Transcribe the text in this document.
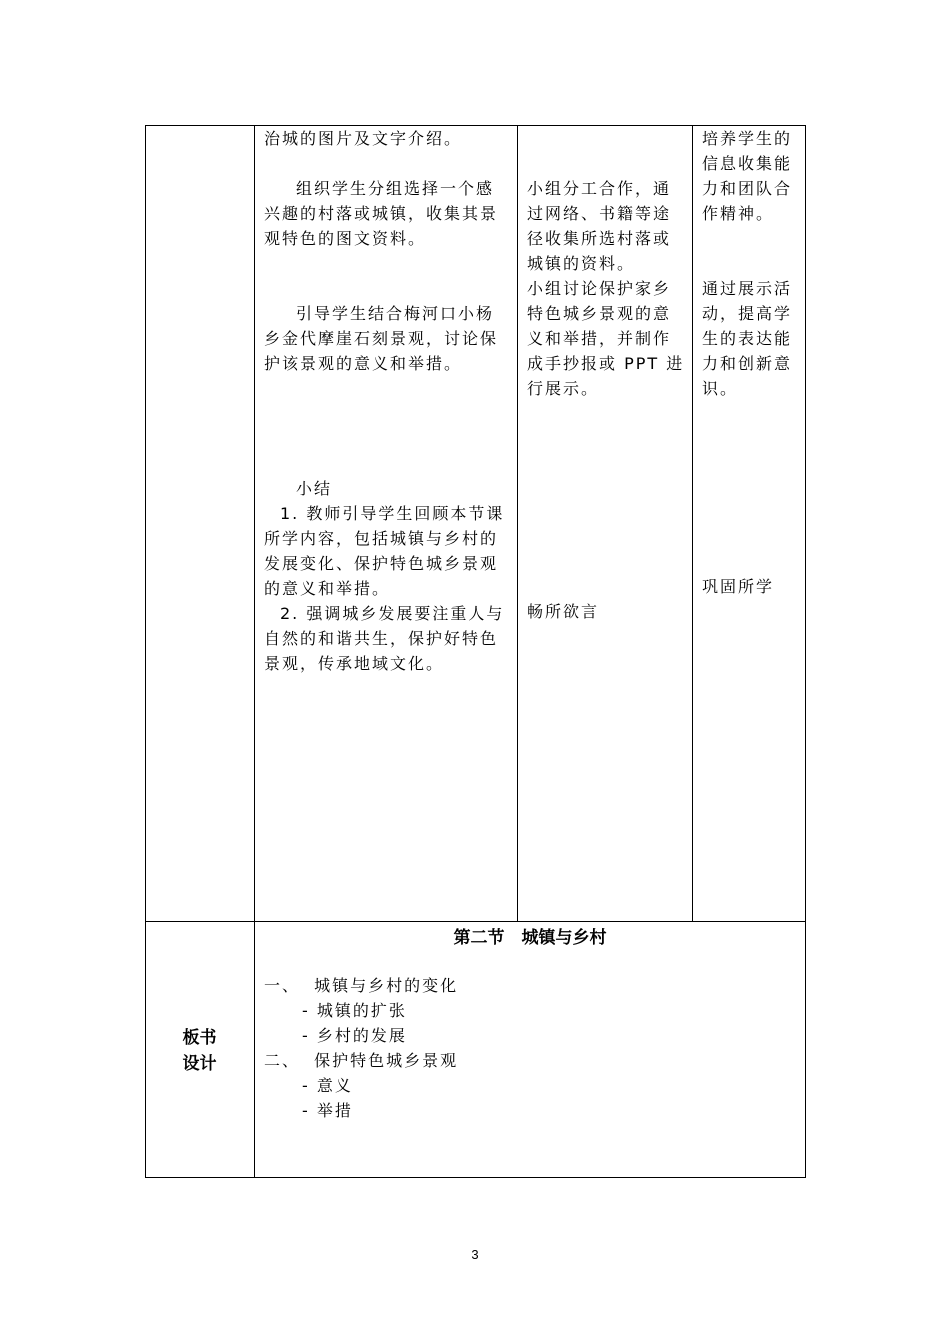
治城的图片及文字介绍。

组织学生分组选择一个感兴趣的村落或城镇，收集其景观特色的图文资料。

引导学生结合梅河口小杨乡金代摩崖石刻景观，讨论保护该景观的意义和举措。

小结

1. 教师引导学生回顾本节课所学内容，包括城镇与乡村的发展变化、保护特色城乡景观的意义和举措。

2. 强调城乡发展要注重人与自然的和谐共生，保护好特色景观，传承地域文化。

小组分工合作，通过网络、书籍等途径收集所选村落或城镇的资料。

小组讨论保护家乡特色城乡景观的意义和举措，并制作成手抄报或 PPT 进行展示。

畅所欲言

培养学生的信息收集能力和团队合作精神。

通过展示活动，提高学生的表达能力和创新意识。

巩固所学

板书
设计
第二节　城镇与乡村

一、  城镇与乡村的变化

- 城镇的扩张

- 乡村的发展

二、  保护特色城乡景观

- 意义

- 举措

3
